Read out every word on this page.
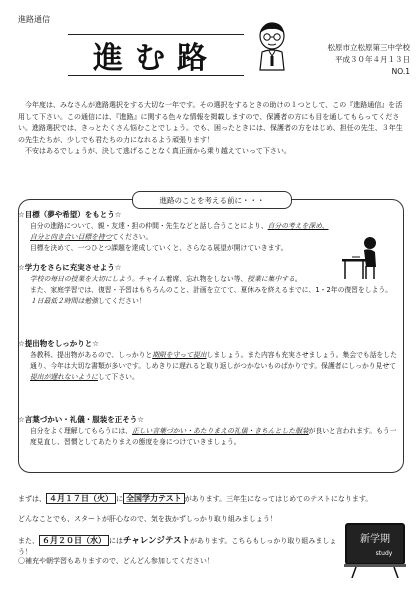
進路通信
進む路	松原市立松原第三中学校
平成３０年４月１３日
NO.1

今年度は、みなさんが進路選択をする大切な一年です。その選択をするときの助けの１つとして、この『進路通信』を活用して下さい。この通信には、『進路』に関する色々な情報を掲載しますので、保護者の方にも目を通してもらってください。進路選択では、きっとたくさん悩むことでしょう。でも、困ったときには、保護者の方をはじめ、担任の先生、３年生の先生たちが、少しでも君たちの力になれるよう頑張ります！

不安はあるでしょうが、決して逃げることなく真正面から乗り越えていって下さい。

進路のことを考える前に・・・
☆目標（夢や希望）をもとう☆

自分の進路について、親・友達・担の仲間・先生などと話し合うことにより、自分の考えを深め、自分と向き合い目標を持つてください。

目標を決めて、一つひとつ課題を達成していくと、さらなる展望が開けていきます。

☆学力をさらに充実させよう☆

学校の毎日の授業を大切にしよう。チャイム着席、忘れ物をしない等、授業に集中する。

また、家庭学習では、復習・予習はもちろんのこと、計画を立てて、夏休みを終えるまでに、1・2年の復習をしよう。

１日最低２時間は勉強してください！

☆提出物をしっかりと☆

各教科、提出物があるので、しっかりと期限を守って提出しましょう。また内容も充実させましょう。集会でも話をした通り、今年は大切な書類が多いです。しめきりに遅れると取り返しがつかないものばかりです。保護者にしっかり見せて提出が遅れないようにして下さい。

☆言葉づかい・礼儀・服装を正そう☆

自分をよく理解してもらうには、正しい言葉づかい・あたりまえの礼儀・きちんとした服装が良いと言われます。もう一度見直し、習慣としてあたりまえの態度を身につけていきましょう。

まずは、 ４月１７日（火） に 全国学力テスト があります。三年生になってはじめてのテストになります。
どんなことでも、スタートが肝心なので、気を抜かずしっかり取り組みましょう！
また、 ６月２０日（水） にはチャレンジテストがあります。こちらもしっかり取り組みましょう！
〇補充や朝学習もありますので、どんどん参加してください！
新学期
study
